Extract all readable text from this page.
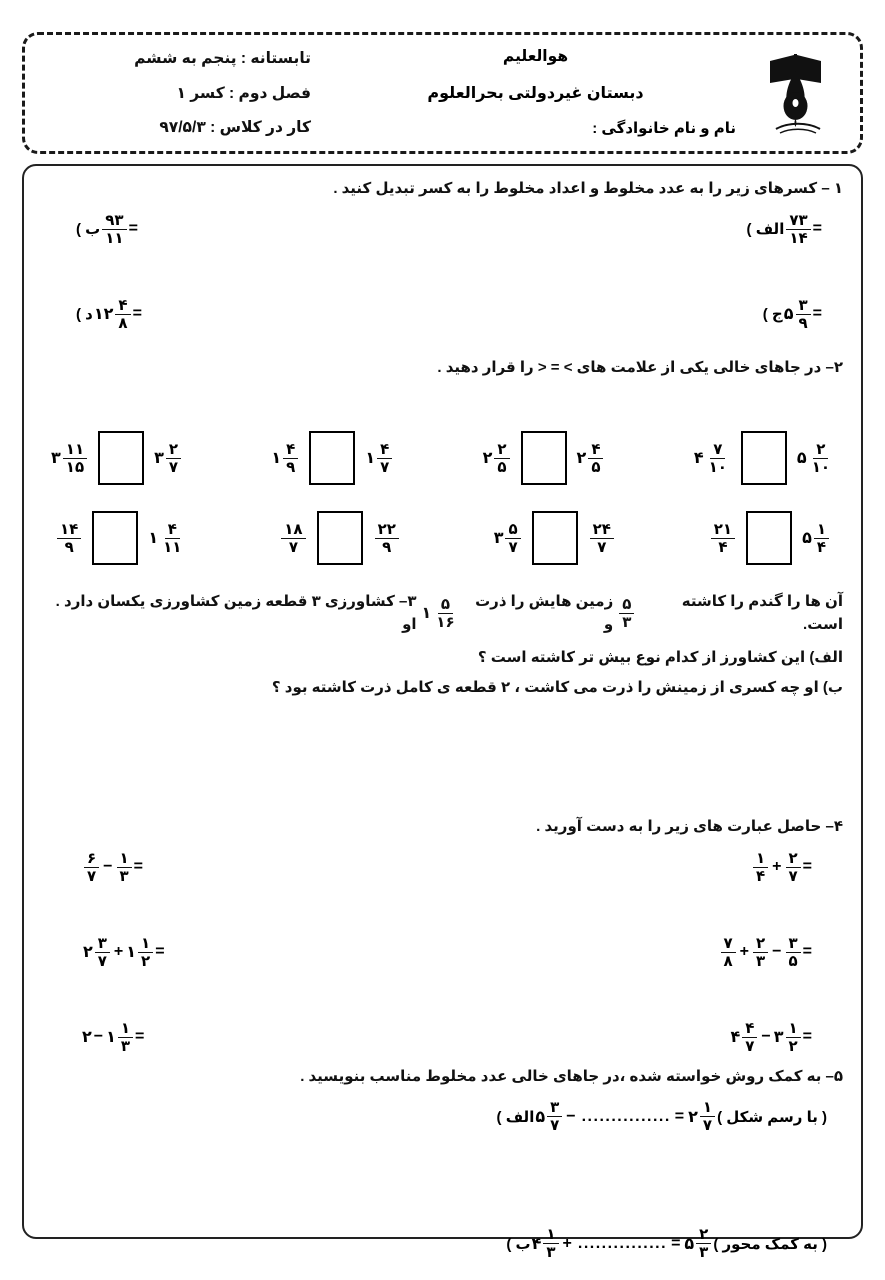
تابستانه : پنجم به ششم
فصل دوم : کسر ۱
کار در کلاس : ۹۷/۵/۳
هوالعلیم
دبستان غیردولتی بحرالعلوم
نام و نام خانوادگی :
۱ – کسرهای زیر را به عدد مخلوط و اعداد مخلوط را به کسر تبدیل کنید .
ب ) $\frac{۹۳}{۱۱}$ =	الف ) $\frac{۷۳}{۱۴}$ =
د ) ۱۲ $\frac{۴}{۸}$ =	ج ) ۵ $\frac{۳}{۹}$ =
۲– در جاهای خالی یکی از علامت های > = < را قرار دهید .
۳ $\frac{۱۱}{۱۵}$	۳ $\frac{۲}{۷}$	۱ $\frac{۴}{۹}$	۱ $\frac{۴}{۷}$	۲ $\frac{۲}{۵}$	۲ $\frac{۴}{۵}$	۴ $\frac{۷}{۱۰}$	۵ $\frac{۲}{۱۰}$
$\frac{۱۴}{۹}$	۱ $\frac{۴}{۱۱}$	$\frac{۱۸}{۷}$	$\frac{۲۲}{۹}$	۳ $\frac{۵}{۷}$	$\frac{۲۴}{۷}$	$\frac{۲۱}{۴}$	۵ $\frac{۱}{۴}$
۳– کشاورزی ۳ قطعه زمین کشاورزی یکسان دارد . او
۱ $\frac{۵}{۱۶}$	زمین هایش را ذرت و $\frac{۵}{۳}$	آن ها را گندم را کاشته است.
الف) این کشاورز از کدام نوع بیش تر کاشته است ؟
ب) او چه کسری از زمینش را ذرت می کاشت ، ۲ قطعه ی کامل ذرت کاشته بود ؟
۴– حاصل عبارت های زیر را به دست آورید .
$\frac{۶}{۷} - \frac{۱}{۳}$ =	$\frac{۱}{۴} + \frac{۲}{۷}$ =
۲ $\frac{۳}{۷}$ + ۱ $\frac{۱}{۲}$ =	$\frac{۷}{۸} + \frac{۲}{۳} - \frac{۳}{۵}$ =
۲ − ۱ $\frac{۱}{۳}$ =	۴ $\frac{۴}{۷}$ − ۳ $\frac{۱}{۲}$ =
۵– به کمک روش خواسته شده ،در جاهای خالی عدد مخلوط مناسب بنویسید .
الف ) ۵ $\frac{۳}{۷}$ − ............... = ۲ $\frac{۱}{۷}$ ( با رسم شکل )
ب ) ۴ $\frac{۱}{۳}$ + ............... = ۵ $\frac{۲}{۳}$ ( به کمک محور )
